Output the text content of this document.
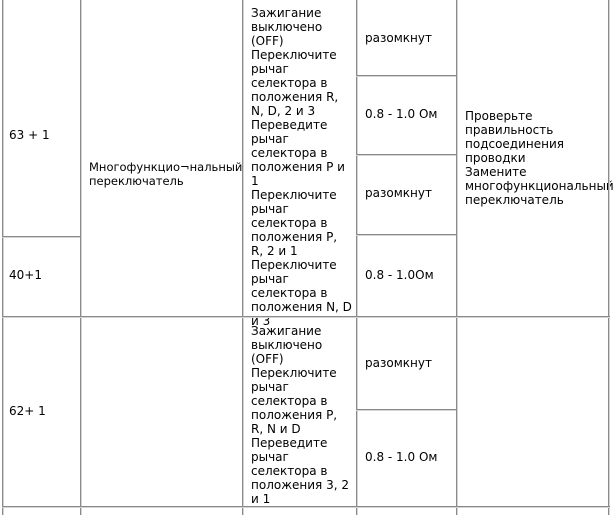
63 + 1
40+1
62+ 1
Многофункцио¬нальный переключатель
Зажигание выключено (OFF) Переключите рычаг селектора в положения R, N, D, 2 и 3
Переведите рычаг селектора в положения P и 1
Переключите рычаг селектора в положения P, R, 2 и 1
Переключите рычаг селектора в положения N, D и 3
Зажигание выключено (OFF) Переключите рычаг селектора в положения P, R, N и D
Переведите рычаг селектора в положения 3, 2 и 1
разомкнут
0.8 - 1.0 Ом
разомкнут
0.8 - 1.0Ом
разомкнут
0.8 - 1.0 Ом
Проверьте правильность подсоединения проводки
Замените многофункциональный переключатель
